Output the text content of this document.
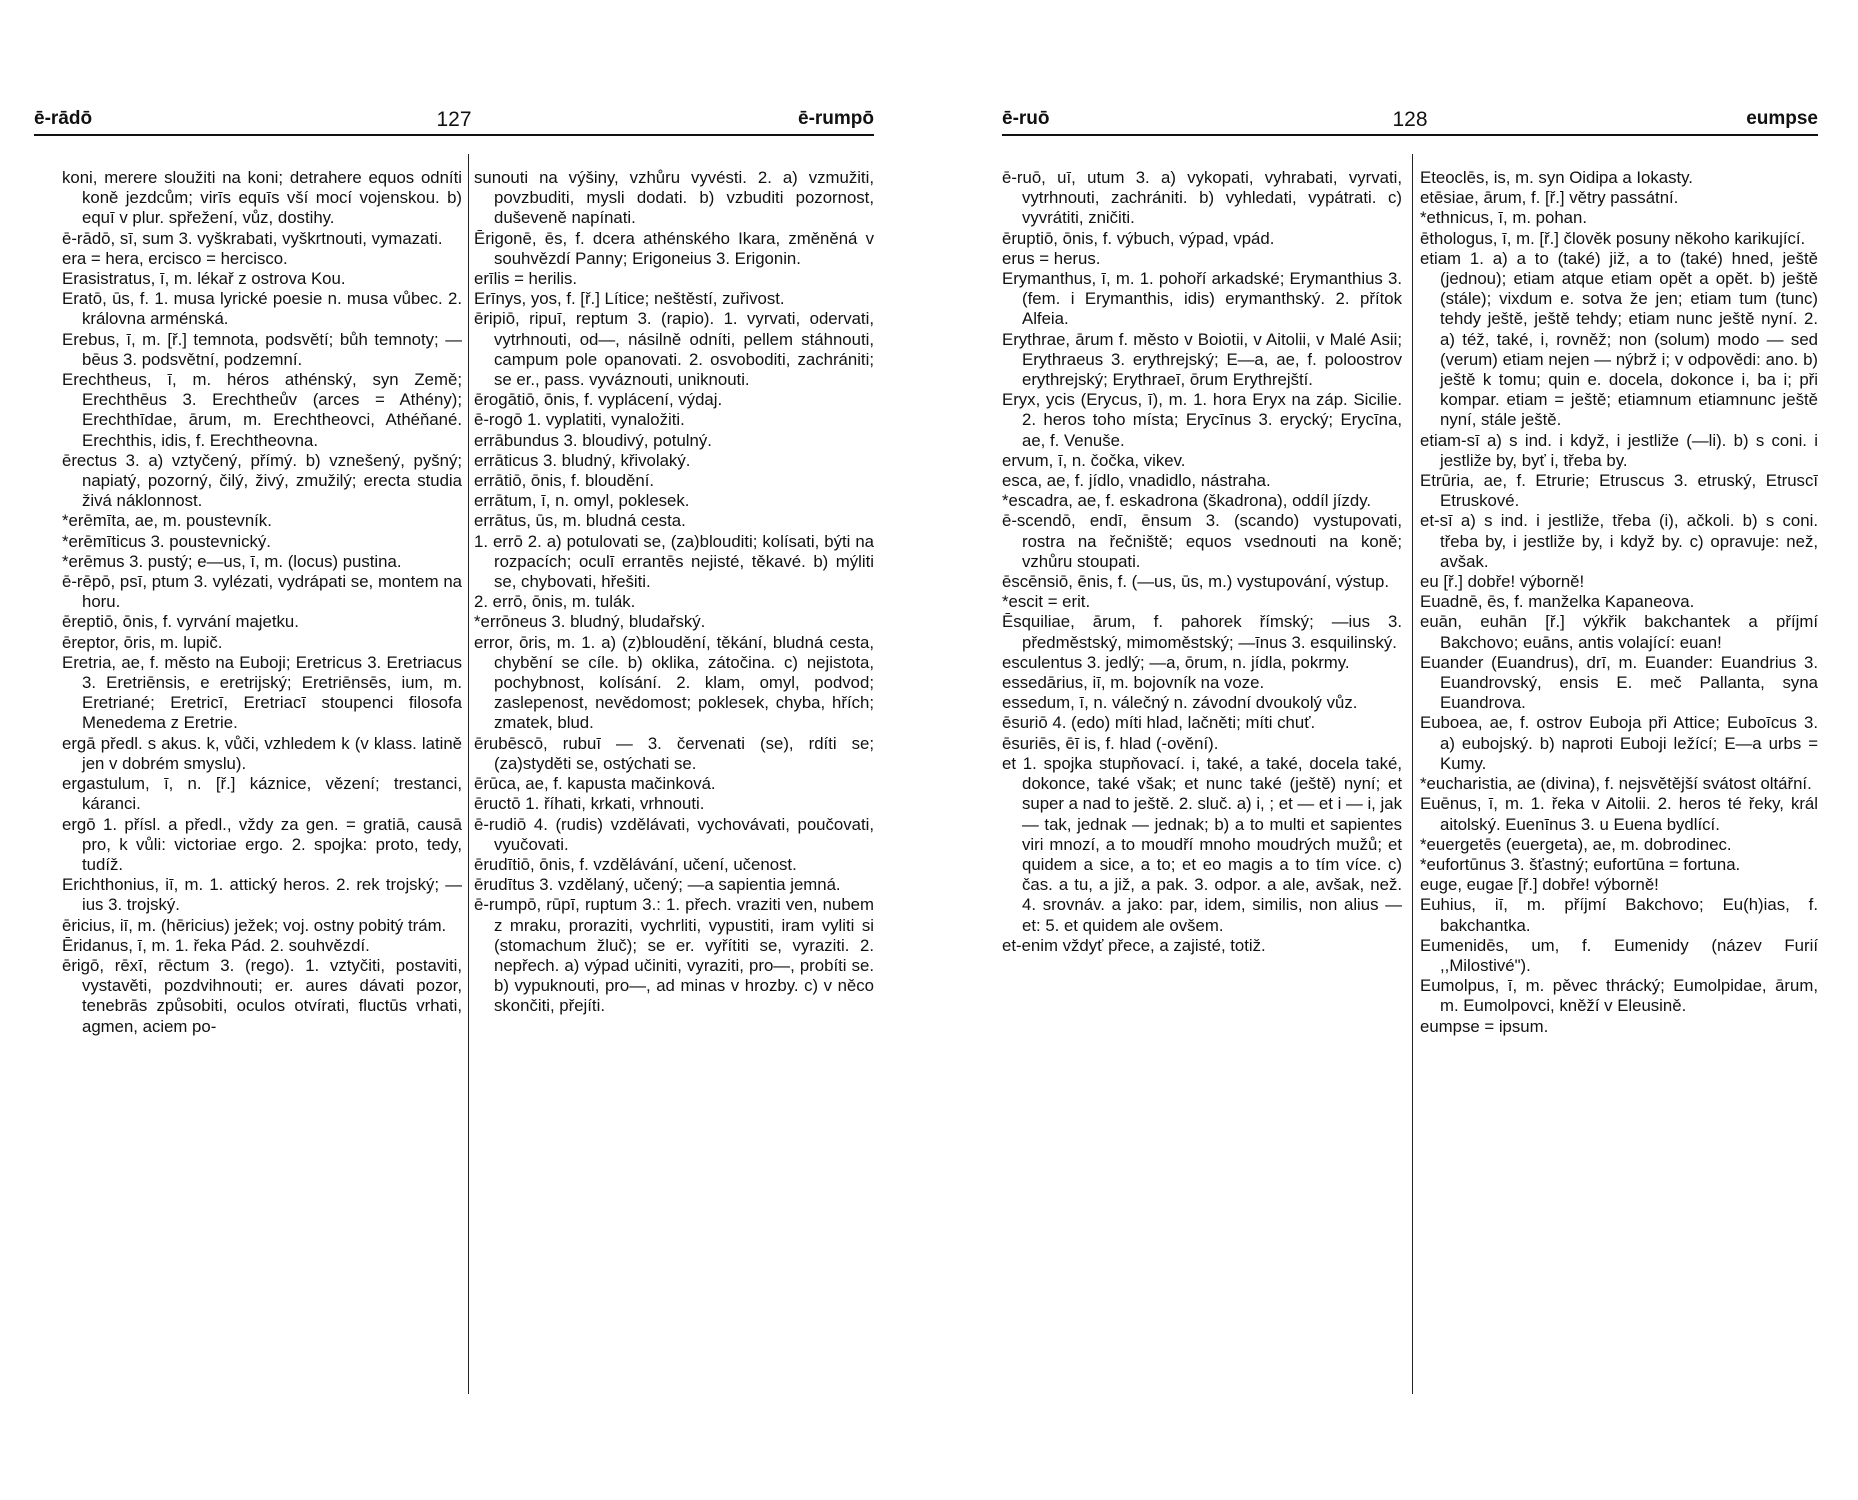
ē-rādō	127	ē-rumpō

koni, merere sloužiti na koni; detrahere equos odníti koně jezdcům; virīs equīs vší mocí vojenskou. b) equī v plur. spřežení, vůz, dostihy.

ē-rādō, sī, sum 3. vyškrabati, vyškrtnouti, vymazati.

era = hera, ercisco = hercisco.

Erasistratus, ī, m. lékař z ostrova Kou.

Eratō, ūs, f. 1. musa lyrické poesie n. musa vůbec. 2. královna arménská.

Erebus, ī, m. [ř.] temnota, podsvětí; bůh temnoty; — bēus 3. podsvětní, podzemní.

Erechtheus, ī, m. héros athénský, syn Země; Erechthēus 3. Erechtheův (arces = Athény); Erechthīdae, ārum, m. Erechtheovci, Athéňané. Erechthis, idis, f. Erechtheovna.

ērectus 3. a) vztyčený, přímý. b) vznešený, pyšný; napiatý, pozorný, čilý, živý, zmužilý; erecta studia živá náklonnost.

*erēmīta, ae, m. poustevník.

*erēmīticus 3. poustevnický.

*erēmus 3. pustý; e—us, ī, m. (locus) pustina.

ē-rēpō, psī, ptum 3. vylézati, vydrápati se, montem na horu.

ēreptiō, ōnis, f. vyrvání majetku.

ēreptor, ōris, m. lupič.

Eretria, ae, f. město na Euboji; Eretricus 3. Eretriacus 3. Eretriēnsis, e eretrijský; Eretriēnsēs, ium, m. Eretriané; Eretricī, Eretriacī stoupenci filosofa Menedema z Eretrie.

ergā předl. s akus. k, vůči, vzhledem k (v klass. latině jen v dobrém smyslu).

ergastulum, ī, n. [ř.] káznice, vězení; trestanci, káranci.

ergō 1. přísl. a předl., vždy za gen. = gratiā, causā pro, k vůli: victoriae ergo. 2. spojka: proto, tedy, tudíž.

Erichthonius, iī, m. 1. attický heros. 2. rek trojský; —ius 3. trojský.

ēricius, iī, m. (hēricius) ježek; voj. ostny pobitý trám.

Ēridanus, ī, m. 1. řeka Pád. 2. souhvězdí.

ērigō, rēxī, rēctum 3. (rego). 1. vztyčiti, postaviti, vystavěti, pozdvihnouti; er. aures dávati pozor, tenebrās způsobiti, oculos otvírati, fluctūs vrhati, agmen, aciem po-

sunouti na výšiny, vzhůru vyvésti. 2. a) vzmužiti, povzbuditi, mysli dodati. b) vzbuditi pozornost, duševeně napínati.

Ērigonē, ēs, f. dcera athénského Ikara, změněná v souhvězdí Panny; Erigoneius 3. Erigonin.

erīlis = herilis.

Erīnys, yos, f. [ř.] Lítice; neštěstí, zuřivost.

ēripiō, ripuī, reptum 3. (rapio). 1. vyrvati, odervati, vytrhnouti, od—, násilně odníti, pellem stáhnouti, campum pole opanovati. 2. osvoboditi, zachrániti; se er., pass. vyváznouti, uniknouti.

ērogātiō, ōnis, f. vyplácení, výdaj.

ē-rogō 1. vyplatiti, vynaložiti.

errābundus 3. bloudivý, potulný.

errāticus 3. bludný, křivolaký.

errātiō, ōnis, f. bloudění.

errātum, ī, n. omyl, poklesek.

errātus, ūs, m. bludná cesta.

1. errō 2. a) potulovati se, (za)blouditi; kolísati, býti na rozpacích; oculī errantēs nejisté, těkavé. b) mýliti se, chybovati, hřešiti.

2. errō, ōnis, m. tulák.

*errōneus 3. bludný, bludařský.

error, ōris, m. 1. a) (z)bloudění, těkání, bludná cesta, chybění se cíle. b) oklika, zátočina. c) nejistota, pochybnost, kolísání. 2. klam, omyl, podvod; zaslepenost, nevědomost; poklesek, chyba, hřích; zmatek, blud.

ērubēscō, rubuī — 3. červenati (se), rdíti se; (za)styděti se, ostýchati se.

ērūca, ae, f. kapusta mačinková.

ēructō 1. říhati, krkati, vrhnouti.

ē-rudiō 4. (rudis) vzdělávati, vychovávati, poučovati, vyučovati.

ērudītiō, ōnis, f. vzdělávání, učení, učenost.

ērudītus 3. vzdělaný, učený; —a sapientia jemná.

ē-rumpō, rūpī, ruptum 3.: 1. přech. vraziti ven, nubem z mraku, proraziti, vychrliti, vypustiti, iram vyliti si (stomachum žluč); se er. vyřítiti se, vyraziti. 2. nepřech. a) výpad učiniti, vyraziti, pro—, probíti se. b) vypuknouti, pro—, ad minas v hrozby. c) v něco skončiti, přejíti.

ē-ruō	128	eumpse

ē-ruō, uī, utum 3. a) vykopati, vyhrabati, vyrvati, vytrhnouti, zachrániti. b) vyhledati, vypátrati. c) vyvrátiti, zničiti.

ēruptiō, ōnis, f. výbuch, výpad, vpád.

erus = herus.

Erymanthus, ī, m. 1. pohoří arkadské; Erymanthius 3. (fem. i Erymanthis, idis) erymanthský. 2. přítok Alfeia.

Erythrae, ārum f. město v Boiotii, v Aitolii, v Malé Asii; Erythraeus 3. erythrejský; E—a, ae, f. poloostrov erythrejský; Erythraeī, ōrum Erythrejští.

Eryx, ycis (Erycus, ī), m. 1. hora Eryx na záp. Sicilie. 2. heros toho místa; Erycīnus 3. erycký; Erycīna, ae, f. Venuše.

ervum, ī, n. čočka, vikev.

esca, ae, f. jídlo, vnadidlo, nástraha.

*escadra, ae, f. eskadrona (škadrona), oddíl jízdy.

ē-scendō, endī, ēnsum 3. (scando) vystupovati, rostra na řečniště; equos vsednouti na koně; vzhůru stoupati.

ēscēnsiō, ēnis, f. (—us, ūs, m.) vystupování, výstup.

*escit = erit.

Ēsquiliae, ārum, f. pahorek římský; —ius 3. předměstský, mimoměstský; —īnus 3. esquilinský.

esculentus 3. jedlý; —a, ōrum, n. jídla, pokrmy.

essedārius, iī, m. bojovník na voze.

essedum, ī, n. válečný n. závodní dvoukolý vůz.

ēsuriō 4. (edo) míti hlad, lačněti; míti chuť.

ēsuriēs, ēī is, f. hlad (-ovění).

et 1. spojka stupňovací. i, také, a také, docela také, dokonce, také však; et nunc také (ještě) nyní; et super a nad to ještě. 2. sluč. a) i, ; et — et i — i, jak — tak, jednak — jednak; b) a to multi et sapientes viri mnozí, a to moudří mnoho moudrých mužů; et quidem a sice, a to; et eo magis a to tím více. c) čas. a tu, a již, a pak. 3. odpor. a ale, avšak, než. 4. srovnáv. a jako: par, idem, similis, non alius — et: 5. et quidem ale ovšem.

et-enim vždyť přece, a zajisté, totiž.

Eteoclēs, is, m. syn Oidipa a Iokasty.

etēsiae, ārum, f. [ř.] větry passátní.

*ethnicus, ī, m. pohan.

ēthologus, ī, m. [ř.] člověk posuny někoho karikující.

etiam 1. a) a to (také) již, a to (také) hned, ještě (jednou); etiam atque etiam opět a opět. b) ještě (stále); vixdum e. sotva že jen; etiam tum (tunc) tehdy ještě, ještě tehdy; etiam nunc ještě nyní. 2. a) též, také, i, rovněž; non (solum) modo — sed (verum) etiam nejen — nýbrž i; v odpovědi: ano. b) ještě k tomu; quin e. docela, dokonce i, ba i; při kompar. etiam = ještě; etiamnum etiamnunc ještě nyní, stále ještě.

etiam-sī a) s ind. i když, i jestliže (—li). b) s coni. i jestliže by, byť i, třeba by.

Etrūria, ae, f. Etrurie; Etruscus 3. etruský, Etruscī Etruskové.

et-sī a) s ind. i jestliže, třeba (i), ačkoli. b) s coni. třeba by, i jestliže by, i když by. c) opravuje: než, avšak.

eu [ř.] dobře! výborně!

Euadnē, ēs, f. manželka Kapaneova.

euān, euhān [ř.] výkřik bakchantek a příjmí Bakchovo; euāns, antis volající: euan!

Euander (Euandrus), drī, m. Euander: Euandrius 3. Euandrovský, ensis E. meč Pallanta, syna Euandrova.

Euboea, ae, f. ostrov Euboja při Attice; Euboīcus 3. a) eubojský. b) naproti Euboji ležící; E—a urbs = Kumy.

*eucharistia, ae (divina), f. nejsvětější svátost oltářní.

Euēnus, ī, m. 1. řeka v Aitolii. 2. heros té řeky, král aitolský. Euenīnus 3. u Euena bydlící.

*euergetēs (euergeta), ae, m. dobrodinec.

*eufortūnus 3. šťastný; eufortūna = fortuna.

euge, eugae [ř.] dobře! výborně!

Euhius, iī, m. příjmí Bakchovo; Eu(h)ias, f. bakchantka.

Eumenidēs, um, f. Eumenidy (název Furií ,,Milostivé").

Eumolpus, ī, m. pěvec thrácký; Eumolpidae, ārum, m. Eumolpovci, kněží v Eleusině.

eumpse = ipsum.
